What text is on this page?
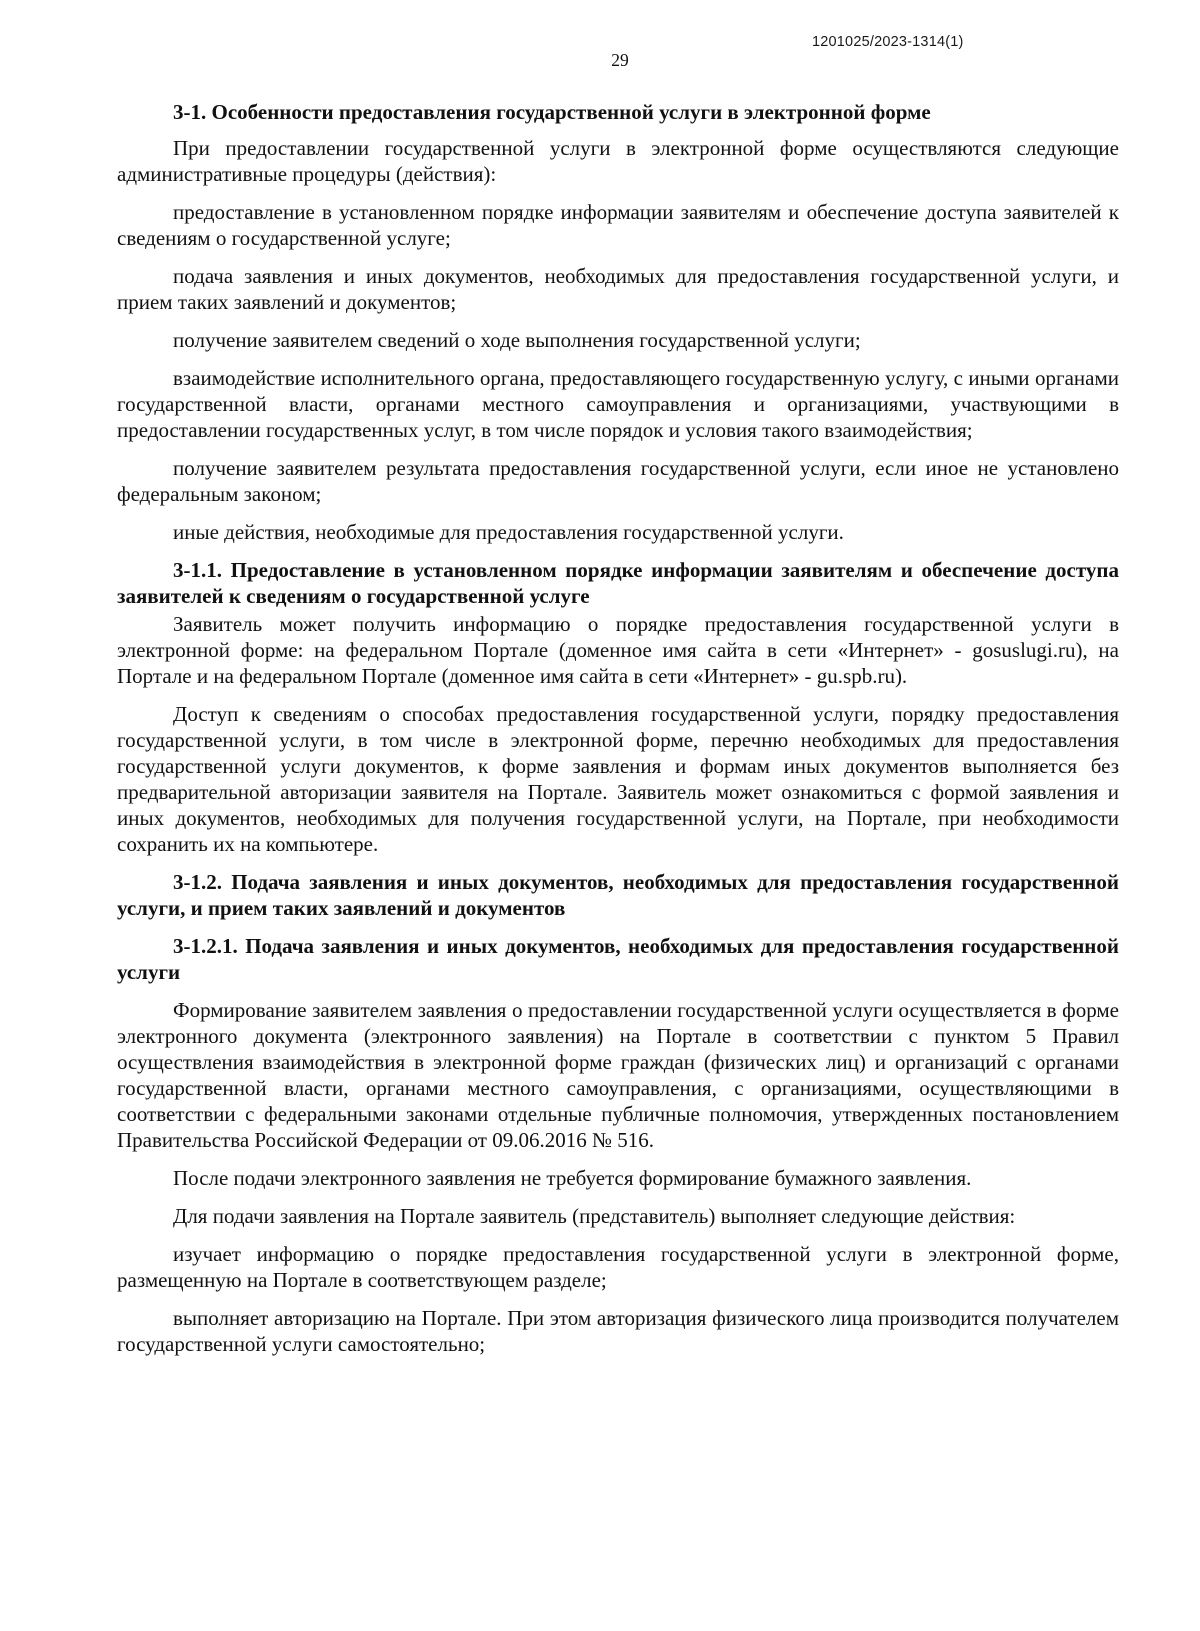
1201025/2023-1314(1)
29

3-1. Особенности предоставления государственной услуги в электронной форме

При предоставлении государственной услуги в электронной форме осуществляются следующие административные процедуры (действия):

предоставление в установленном порядке информации заявителям и обеспечение доступа заявителей к сведениям о государственной услуге;

подача заявления и иных документов, необходимых для предоставления государственной услуги, и прием таких заявлений и документов;

получение заявителем сведений о ходе выполнения государственной услуги;

взаимодействие исполнительного органа, предоставляющего государственную услугу, с иными органами государственной власти, органами местного самоуправления и организациями, участвующими в предоставлении государственных услуг, в том числе порядок и условия такого взаимодействия;

получение заявителем результата предоставления государственной услуги, если иное не установлено федеральным законом;

иные действия, необходимые для предоставления государственной услуги.

3-1.1. Предоставление в установленном порядке информации заявителям и обеспечение доступа заявителей к сведениям о государственной услуге

Заявитель может получить информацию о порядке предоставления государственной услуги в электронной форме: на федеральном Портале (доменное имя сайта в сети «Интернет» - gosuslugi.ru), на Портале и на федеральном Портале (доменное имя сайта в сети «Интернет» - gu.spb.ru).

Доступ к сведениям о способах предоставления государственной услуги, порядку предоставления государственной услуги, в том числе в электронной форме, перечню необходимых для предоставления государственной услуги документов, к форме заявления и формам иных документов выполняется без предварительной авторизации заявителя на Портале. Заявитель может ознакомиться с формой заявления и иных документов, необходимых для получения государственной услуги, на Портале, при необходимости сохранить их на компьютере.

3-1.2. Подача заявления и иных документов, необходимых для предоставления государственной услуги, и прием таких заявлений и документов

3-1.2.1. Подача заявления и иных документов, необходимых для предоставления государственной услуги

Формирование заявителем заявления о предоставлении государственной услуги осуществляется в форме электронного документа (электронного заявления) на Портале в соответствии с пунктом 5 Правил осуществления взаимодействия в электронной форме граждан (физических лиц) и организаций с органами государственной власти, органами местного самоуправления, с организациями, осуществляющими в соответствии с федеральными законами отдельные публичные полномочия, утвержденных постановлением Правительства Российской Федерации от 09.06.2016 № 516.

После подачи электронного заявления не требуется формирование бумажного заявления.

Для подачи заявления на Портале заявитель (представитель) выполняет следующие действия:

изучает информацию о порядке предоставления государственной услуги в электронной форме, размещенную на Портале в соответствующем разделе;

выполняет авторизацию на Портале. При этом авторизация физического лица производится получателем государственной услуги самостоятельно;
